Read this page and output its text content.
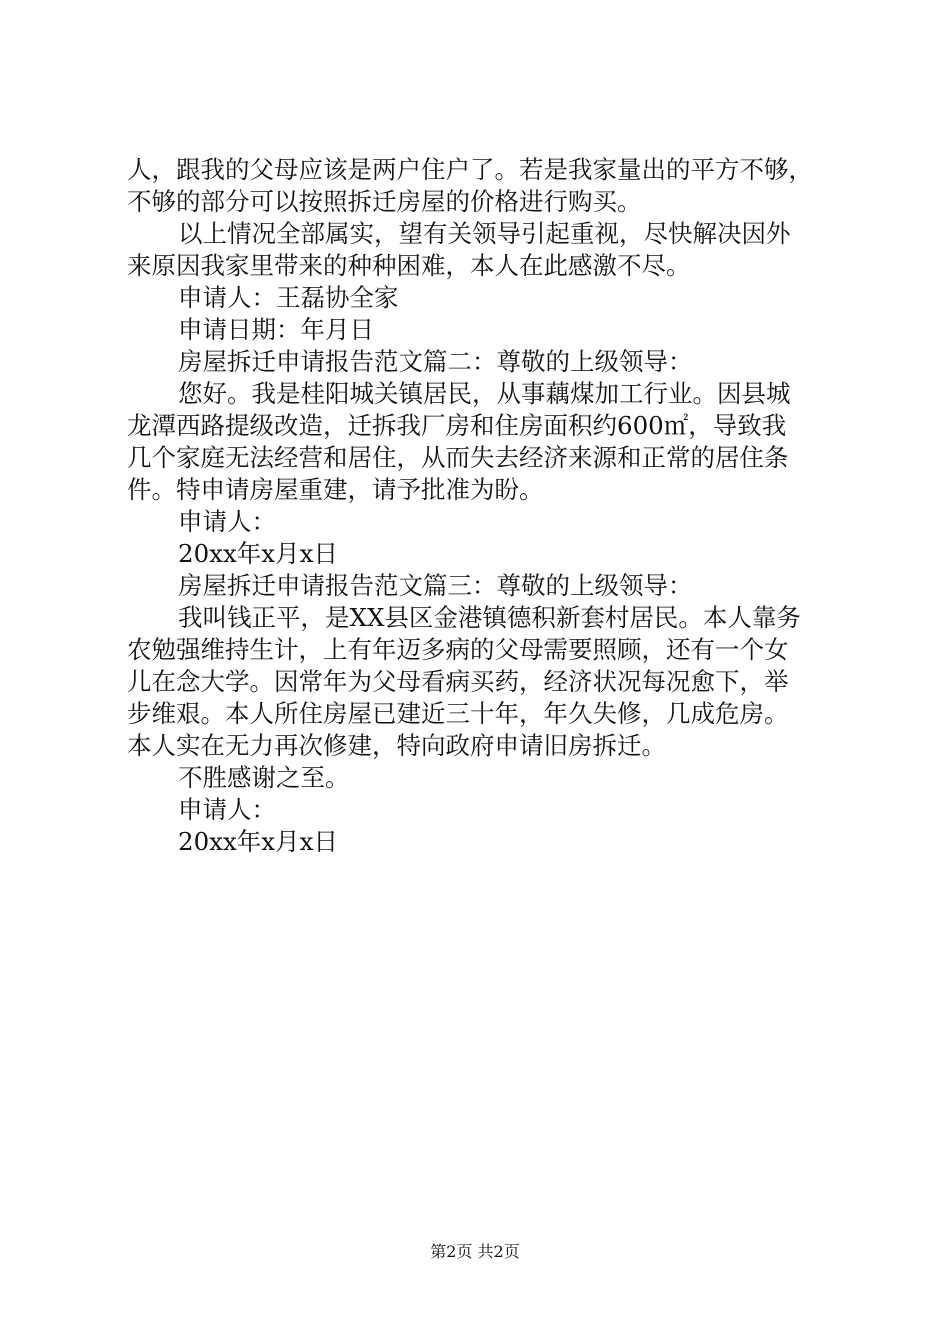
人，跟我的父母应该是两户住户了。若是我家量出的平方不够，
不够的部分可以按照拆迁房屋的价格进行购买。
以上情况全部属实，望有关领导引起重视，尽快解决因外
来原因我家里带来的种种困难，本人在此感激不尽。
申请人：王磊协全家
申请日期：年月日
房屋拆迁申请报告范文篇二：尊敬的上级领导：
您好。我是桂阳城关镇居民，从事藕煤加工行业。因县城
龙潭西路提级改造，迁拆我厂房和住房面积约600㎡，导致我
几个家庭无法经营和居住，从而失去经济来源和正常的居住条
件。特申请房屋重建，请予批准为盼。
申请人：
20xx年x月x日
房屋拆迁申请报告范文篇三：尊敬的上级领导：
我叫钱正平，是XX县区金港镇德积新套村居民。本人靠务
农勉强维持生计，上有年迈多病的父母需要照顾，还有一个女
儿在念大学。因常年为父母看病买药，经济状况每况愈下，举
步维艰。本人所住房屋已建近三十年，年久失修，几成危房。
本人实在无力再次修建，特向政府申请旧房拆迁。
不胜感谢之至。
申请人：
20xx年x月x日
第2页 共2页
